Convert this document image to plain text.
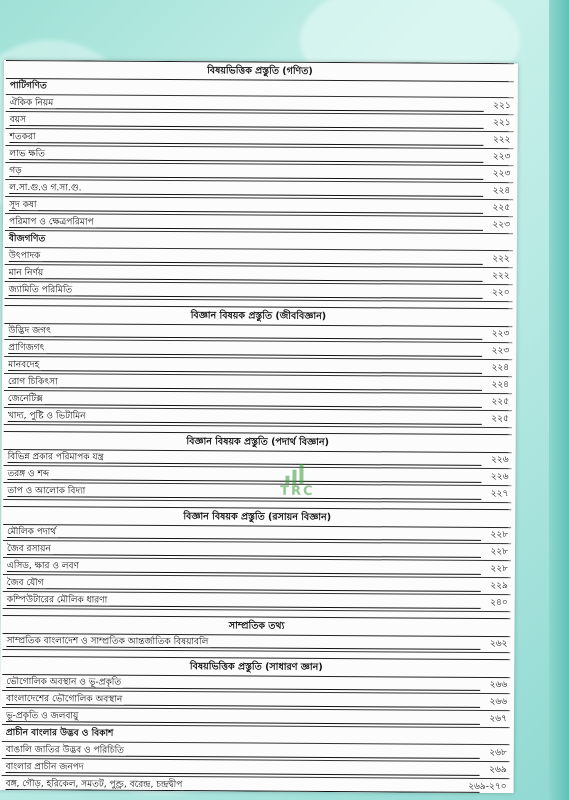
বিষয়ভিত্তিক প্রস্তুতি (গণিত)
পাটিগণিত
ঐকিক নিয়ম	২২১
বয়স	২২১
শতকরা	২২২
লাভ ক্ষতি	২২৩
গড়	২২৩
ল.সা.গু.ও গ.সা.গু.	২২৪
সূদ কষা	২২৫
পরিমাপ ও ক্ষেত্রপরিমাপ	২২৩
বীজগণিত
উৎপাদক	২২২
মান নির্ণয়	২২২
জ্যামিতি পরিমিতি	২২০
বিজ্ঞান বিষয়ক প্রস্তুতি (জীববিজ্ঞান)
উদ্ভিদ জগৎ	২২৩
প্রাণিজগৎ	২২৩
মানবদেহ	২২৪
রোগ চিকিৎসা	২২৪
জেনেটিক্স	২২৫
খাদ্য, পুষ্টি ও ভিটামিন	২২৫
বিজ্ঞান বিষয়ক প্রস্তুতি (পদার্থ বিজ্ঞান)
বিভিন্ন প্রকার পরিমাপক যন্ত্র	২২৬
তরঙ্গ ও শব্দ	২২৬
তাপ ও আলোক বিদ্যা	২২৭
বিজ্ঞান বিষয়ক প্রস্তুতি (রসায়ন বিজ্ঞান)
মৌলিক পদার্থ	২২৮
জৈব রসায়ন	২২৮
এসিড, ক্ষার ও লবণ	২২৮
জৈব যৌগ	২২৯
কম্পিউটারের মৌলিক ধারণা	২৪০
সাম্প্রতিক তথ্য
সাম্প্রতিক বাংলাদেশ ও সাম্প্রতিক আন্তর্জাতিক বিষয়াবলি	২৬২
বিষয়ভিত্তিক প্রস্তুতি (সাধারণ জ্ঞান)
ভৌগোলিক অবস্থান ও ভূ-প্রকৃতি	২৬৬
বাংলাদেশের ভৌগোলিক অবস্থান	২৬৬
ভূ-প্রকৃতি ও জলবায়ু	২৬৭
প্রাচীন বাংলার উদ্ভব ও বিকাশ
বাঙালি জাতির উদ্ভব ও পরিচিতি	২৬৮
বাংলার প্রাচীন জনপদ	২৬৯
বঙ্গ, গৌড়, হরিকেল, সমতট, পুণ্ড্র, বরেন্দ্র, চন্দ্রদ্বীপ	২৬৯-২৭০
TRC
